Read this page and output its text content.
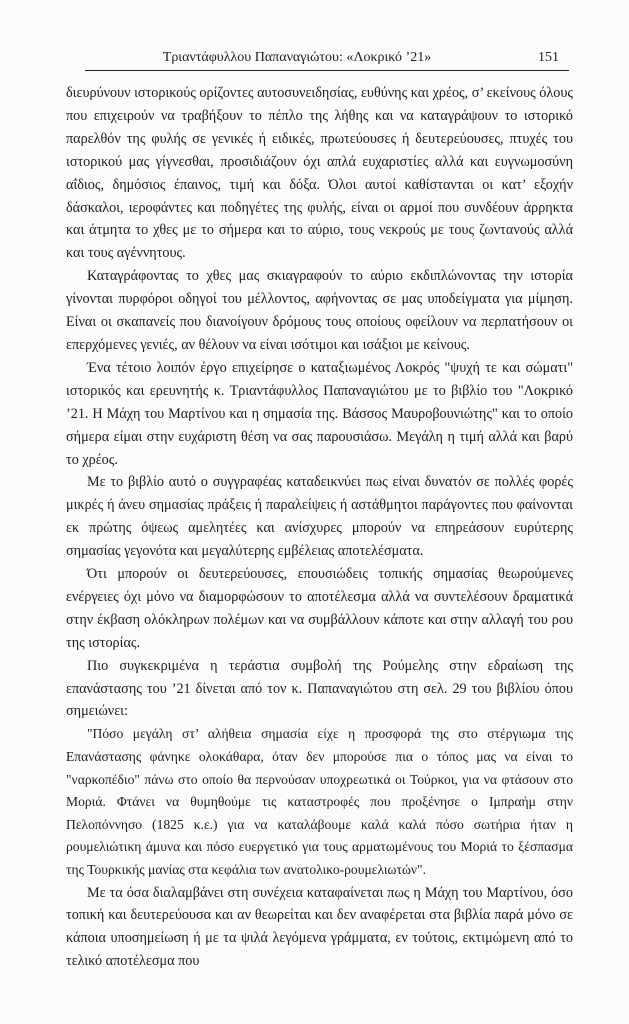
Τριαντάφυλλου Παπαναγιώτου: «Λοκρικό ’21»	151

διευρύνουν ιστορικούς ορίζοντες αυτοσυνειδησίας, ευθύνης και χρέος, σ’ εκείνους όλους που επιχειρούν να τραβήξουν το πέπλο της λήθης και να καταγράψουν το ιστορικό παρελθόν της φυλής σε γενικές ή ειδικές, πρωτεύουσες ή δευτερεύουσες, πτυχές του ιστορικού μας γίγνεσθαι, προσιδιάζουν όχι απλά ευχαριστίες αλλά και ευγνωμοσύνη αΐδιος, δημόσιος έπαινος, τιμή και δόξα. Όλοι αυτοί καθίστανται οι κατ’ εξοχήν δάσκαλοι, ιεροφάντες και ποδηγέτες της φυλής, είναι οι αρμοί που συνδέουν άρρηκτα και άτμητα το χθες με το σήμερα και το αύριο, τους νεκρούς με τους ζωντανούς αλλά και τους αγέννητους.

Καταγράφοντας το χθες μας σκιαγραφούν το αύριο εκδιπλώνοντας την ιστορία γίνονται πυρφόροι οδηγοί του μέλλοντος, αφήνοντας σε μας υποδείγματα για μίμηση. Είναι οι σκαπανείς που διανοίγουν δρόμους τους οποίους οφείλουν να περπατήσουν οι επερχόμενες γενιές, αν θέλουν να είναι ισότιμοι και ισάξιοι με κείνους.

Ένα τέτοιο λοιπόν έργο επιχείρησε ο καταξιωμένος Λοκρός "ψυχή τε και σώματι" ιστορικός και ερευνητής κ. Τριαντάφυλλος Παπαναγιώτου με το βιβλίο του "Λοκρικό ’21. Η Μάχη του Μαρτίνου και η σημασία της. Βάσσος Μαυροβουνιώτης" και το οποίο σήμερα είμαι στην ευχάριστη θέση να σας παρουσιάσω. Μεγάλη η τιμή αλλά και βαρύ το χρέος.

Με το βιβλίο αυτό ο συγγραφέας καταδεικνύει πως είναι δυνατόν σε πολλές φορές μικρές ή άνευ σημασίας πράξεις ή παραλείψεις ή αστάθμητοι παράγοντες που φαίνονται εκ πρώτης όψεως αμελητέες και ανίσχυρες μπορούν να επηρεάσουν ευρύτερης σημασίας γεγονότα και μεγαλύτερης εμβέλειας αποτελέσματα.

Ότι μπορούν οι δευτερεύουσες, επουσιώδεις τοπικής σημασίας θεωρούμενες ενέργειες όχι μόνο να διαμορφώσουν το αποτέλεσμα αλλά να συντελέσουν δραματικά στην έκβαση ολόκληρων πολέμων και να συμβάλλουν κάποτε και στην αλλαγή του ρου της ιστορίας.

Πιο συγκεκριμένα η τεράστια συμβολή της Ρούμελης στην εδραίωση της επανάστασης του ’21 δίνεται από τον κ. Παπαναγιώτου στη σελ. 29 του βιβλίου όπου σημειώνει:

"Πόσο μεγάλη στ’ αλήθεια σημασία είχε η προσφορά της στο στέργιωμα της Επανάστασης φάνηκε ολοκάθαρα, όταν δεν μπορούσε πια ο τόπος μας να είναι το "ναρκοπέδιο" πάνω στο οποίο θα περνούσαν υποχρεωτικά οι Τούρκοι, για να φτάσουν στο Μοριά. Φτάνει να θυμηθούμε τις καταστροφές που προξένησε ο Ιμπραήμ στην Πελοπόννησο (1825 κ.ε.) για να καταλάβουμε καλά καλά πόσο σωτήρια ήταν η ρουμελιώτικη άμυνα και πόσο ευεργετικό για τους αρματωμένους του Μοριά το ξέσπασμα της Τουρκικής μανίας στα κεφάλια των ανατολικο-ρουμελιωτών".

Με τα όσα διαλαμβάνει στη συνέχεια καταφαίνεται πως η Μάχη του Μαρτίνου, όσο τοπική και δευτερεύουσα και αν θεωρείται και δεν αναφέρεται στα βιβλία παρά μόνο σε κάποια υποσημείωση ή με τα ψιλά λεγόμενα γράμματα, εν τούτοις, εκτιμώμενη από το τελικό αποτέλεσμα που
